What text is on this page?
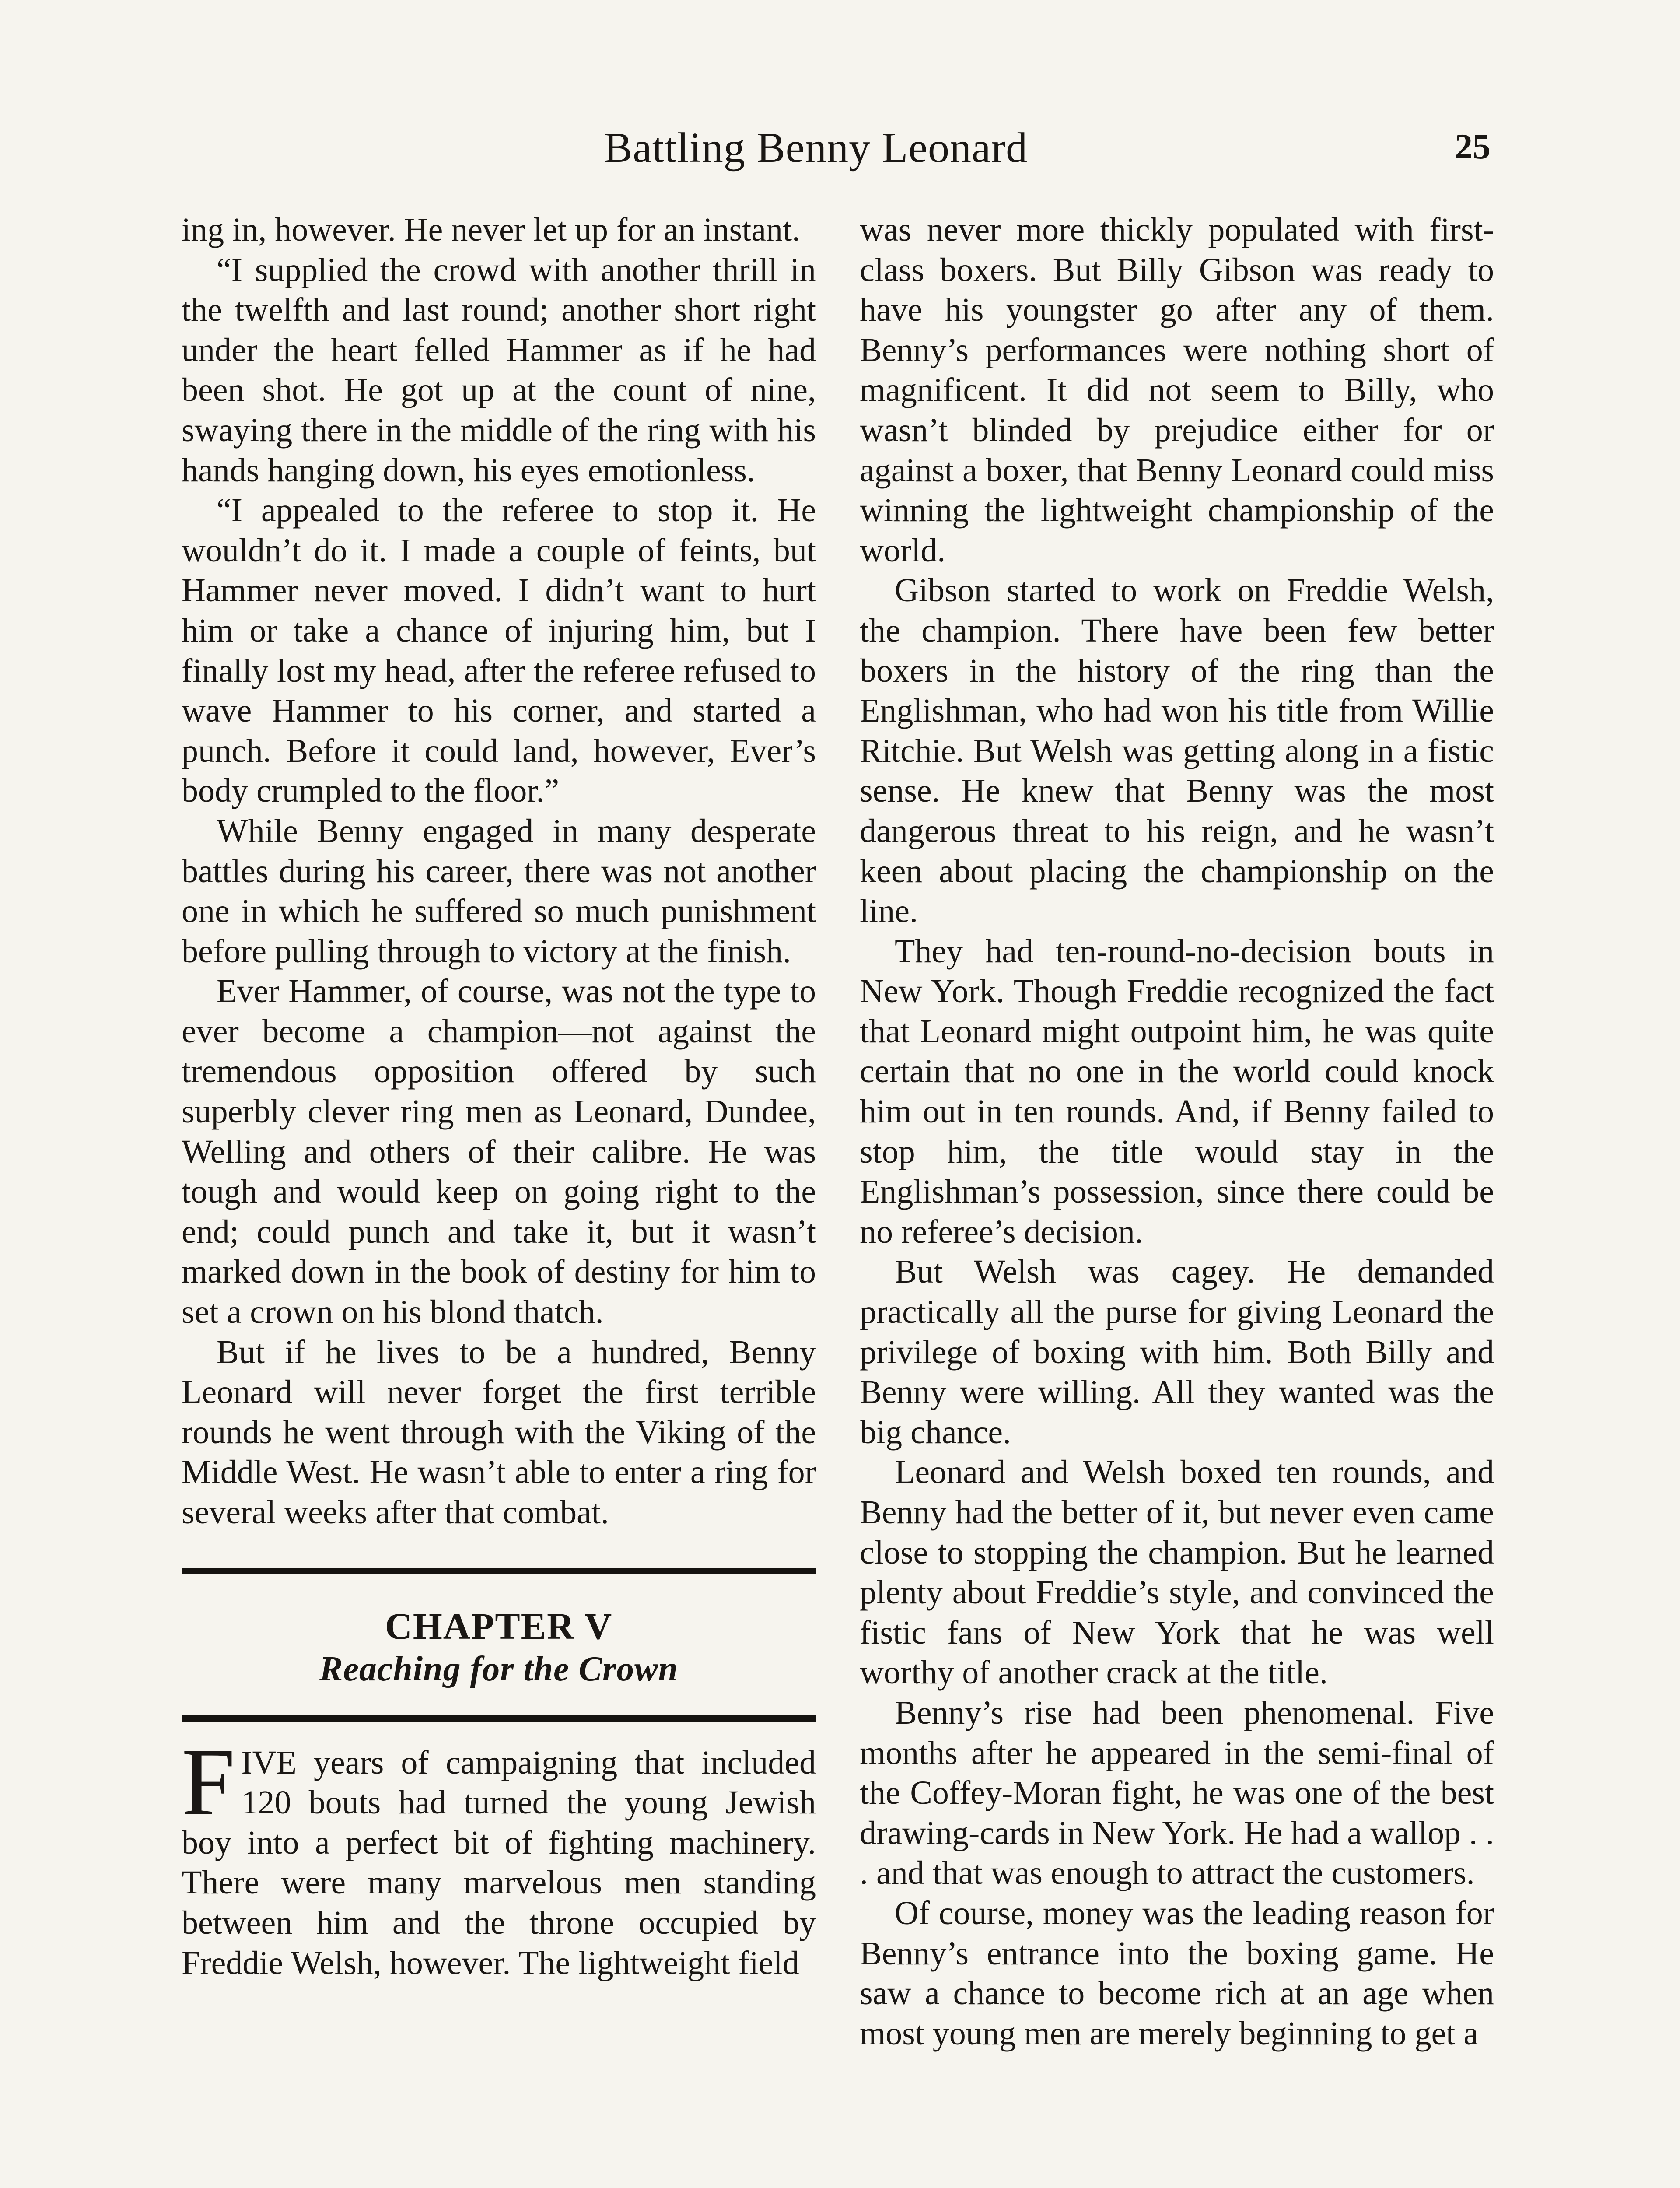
Battling Benny Leonard	25

ing in, however. He never let up for an instant.

“I supplied the crowd with another thrill in the twelfth and last round; another short right under the heart felled Hammer as if he had been shot. He got up at the count of nine, swaying there in the middle of the ring with his hands hanging down, his eyes emotionless.

“I appealed to the referee to stop it. He wouldn’t do it. I made a couple of feints, but Hammer never moved. I didn’t want to hurt him or take a chance of injuring him, but I finally lost my head, after the referee refused to wave Hammer to his corner, and started a punch. Before it could land, however, Ever’s body crumpled to the floor.”

While Benny engaged in many desperate battles during his career, there was not another one in which he suffered so much punishment before pulling through to victory at the finish.

Ever Hammer, of course, was not the type to ever become a champion—not against the tremendous opposition offered by such superbly clever ring men as Leonard, Dundee, Welling and others of their calibre. He was tough and would keep on going right to the end; could punch and take it, but it wasn’t marked down in the book of destiny for him to set a crown on his blond thatch.

But if he lives to be a hundred, Benny Leonard will never forget the first terrible rounds he went through with the Viking of the Middle West. He wasn’t able to enter a ring for several weeks after that combat.

CHAPTER V
Reaching for the Crown

FIVE years of campaigning that included 120 bouts had turned the young Jewish boy into a perfect bit of fighting machinery. There were many marvelous men standing between him and the throne occupied by Freddie Welsh, however. The lightweight field

was never more thickly populated with first-class boxers. But Billy Gibson was ready to have his youngster go after any of them. Benny’s performances were nothing short of magnificent. It did not seem to Billy, who wasn’t blinded by prejudice either for or against a boxer, that Benny Leonard could miss winning the lightweight championship of the world.

Gibson started to work on Freddie Welsh, the champion. There have been few better boxers in the history of the ring than the Englishman, who had won his title from Willie Ritchie. But Welsh was getting along in a fistic sense. He knew that Benny was the most dangerous threat to his reign, and he wasn’t keen about placing the championship on the line.

They had ten-round-no-decision bouts in New York. Though Freddie recognized the fact that Leonard might outpoint him, he was quite certain that no one in the world could knock him out in ten rounds. And, if Benny failed to stop him, the title would stay in the Englishman’s possession, since there could be no referee’s decision.

But Welsh was cagey. He demanded practically all the purse for giving Leonard the privilege of boxing with him. Both Billy and Benny were willing. All they wanted was the big chance.

Leonard and Welsh boxed ten rounds, and Benny had the better of it, but never even came close to stopping the champion. But he learned plenty about Freddie’s style, and convinced the fistic fans of New York that he was well worthy of another crack at the title.

Benny’s rise had been phenomenal. Five months after he appeared in the semi-final of the Coffey-Moran fight, he was one of the best drawing-cards in New York. He had a wallop . . . and that was enough to attract the customers.

Of course, money was the leading reason for Benny’s entrance into the boxing game. He saw a chance to become rich at an age when most young men are merely beginning to get a
